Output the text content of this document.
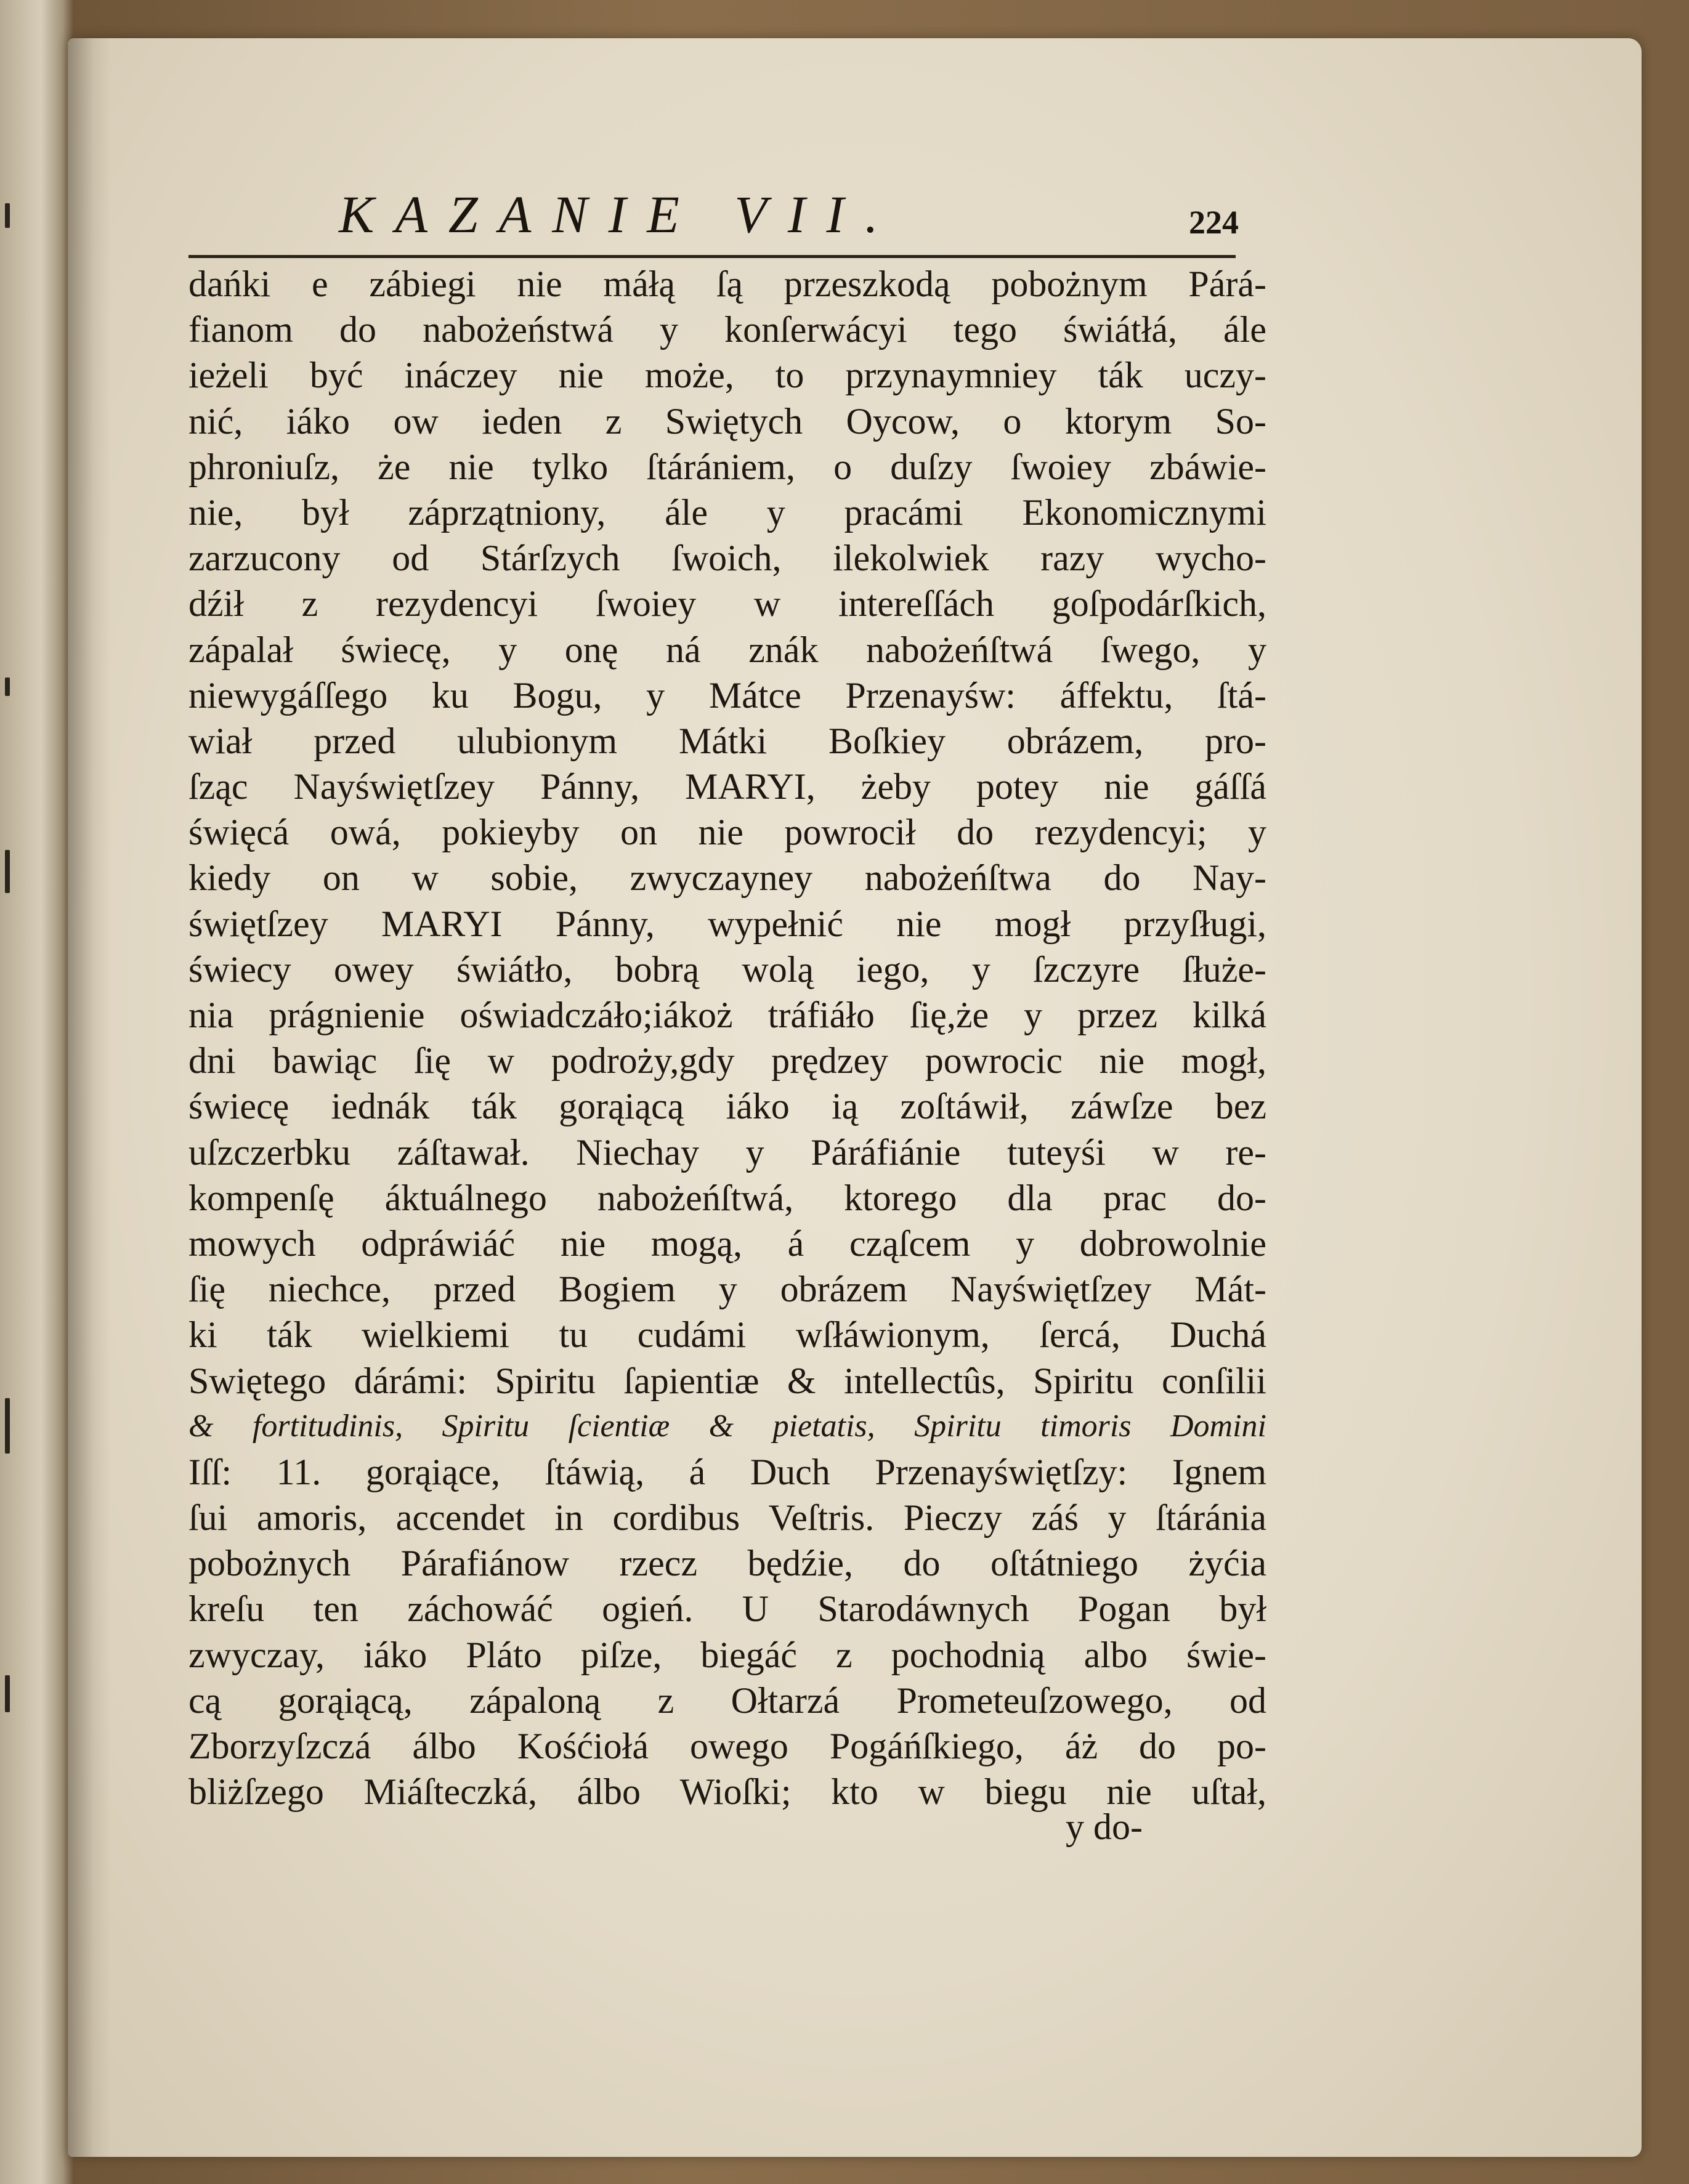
KAZANIE VII.	224
dańki e zábiegi nie máłą ſą przeszkodą pobożnym Párá-
fianom do nabożeństwá y konſerwácyi tego świátłá, ále
ieżeli być ináczey nie może, to przynaymniey ták uczy-
nić, iáko ow ieden z Swiętych Oycow, o ktorym So-
phroniuſz, że nie tylko ſtárániem, o duſzy ſwoiey zbáwie-
nie, był záprzątniony, ále y pracámi Ekonomicznymi
zarzucony od Stárſzych ſwoich, ilekolwiek razy wycho-
dźił z rezydencyi ſwoiey w intereſſách goſpodárſkich,
zápalał świecę, y onę ná znák nabożeńſtwá ſwego, y
niewygáſſego ku Bogu, y Mátce Przenayśw: áffektu, ſtá-
wiał przed ulubionym Mátki Boſkiey obrázem, pro-
ſząc Nayświętſzey Pánny, MARYI, żeby potey nie gáſſá
święcá owá, pokieyby on nie powrocił do rezydencyi; y
kiedy on w sobie, zwyczayney nabożeńſtwa do Nay-
świętſzey MARYI Pánny, wypełnić nie mogł przyſługi,
świecy owey świátło, bobrą wolą iego, y ſzczyre ſłuże-
nia prágnienie oświadczáło;iákoż tráfiáło ſię,że y przez kilká
dni bawiąc ſię w podroży,gdy prędzey powrocic nie mogł,
świecę iednák ták gorąiącą iáko ią zoſtáwił, záwſze bez
uſzczerbku záſtawał. Niechay y Páráfiánie tuteyśi w re-
kompenſę áktuálnego nabożeńſtwá, ktorego dla prac do-
mowych odpráwiáć nie mogą, á cząſcem y dobrowolnie
ſię niechce, przed Bogiem y obrázem Nayświętſzey Mát-
ki ták wielkiemi tu cudámi wſłáwionym, ſercá, Duchá
Swiętego dárámi: Spiritu ſapientiæ & intellectûs, Spiritu conſilii
& fortitudinis, Spiritu ſcientiæ & pietatis, Spiritu timoris Domini
Iſſ: 11. gorąiące, ſtáwią, á Duch Przenayświętſzy: Ignem
ſui amoris, accendet in cordibus Veſtris. Pieczy záś y ſtáránia
pobożnych Párafiánow rzecz będźie, do oſtátniego żyćia
kreſu ten záchowáć ogień. U Starodáwnych Pogan był
zwyczay, iáko Pláto piſze, biegáć z pochodnią albo świe-
cą gorąiącą, zápaloną z Ołtarzá Prometeuſzowego, od
Zborzyſzczá álbo Kośćiołá owego Pogáńſkiego, áż do po-
bliżſzego Miáſteczká, álbo Wioſki; kto w biegu nie uſtał,
y do-
